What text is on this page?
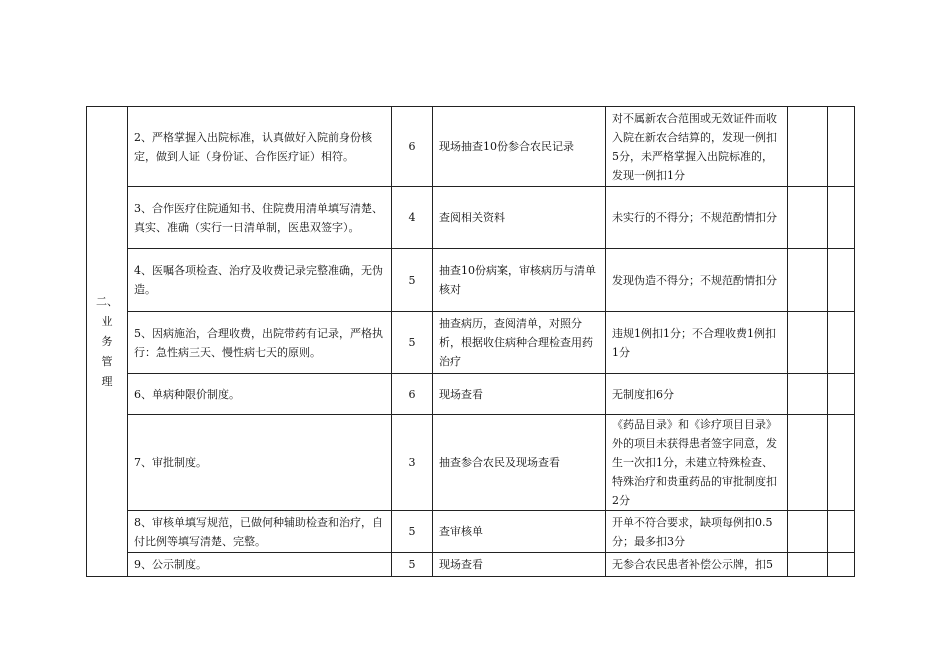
二、
业
务
管
理	2、严格掌握入出院标准，认真做好入院前身份核定，做到人证（身份证、合作医疗证）相符。	6	现场抽查10份参合农民记录	对不属新农合范围或无效证件而收入院在新农合结算的，发现一例扣5分，未严格掌握入出院标准的，发现一例扣1分		
	3、合作医疗住院通知书、住院费用清单填写清楚、真实、准确（实行一日清单制，医患双签字）。	4	查阅相关资料	未实行的不得分；不规范酌情扣分		
	4、医嘱各项检查、治疗及收费记录完整准确，无伪造。	5	抽查10份病案，审核病历与清单核对	发现伪造不得分；不规范酌情扣分		
	5、因病施治，合理收费，出院带药有记录，严格执行：急性病三天、慢性病七天的原则。	5	抽查病历，查阅清单，对照分析，根据收住病种合理检查用药治疗	违规1例扣1分；不合理收费1例扣1分		
	6、单病种限价制度。	6	现场查看	无制度扣6分		
	7、审批制度。	3	抽查参合农民及现场查看	《药品目录》和《诊疗项目目录》外的项目未获得患者签字同意，发生一次扣1分，未建立特殊检查、特殊治疗和贵重药品的审批制度扣2分		
	8、审核单填写规范，已做何种辅助检查和治疗，自付比例等填写清楚、完整。	5	查审核单	开单不符合要求，缺项每例扣0.5分；最多扣3分		
	9、公示制度。	5	现场查看	无参合农民患者补偿公示牌，扣5		
